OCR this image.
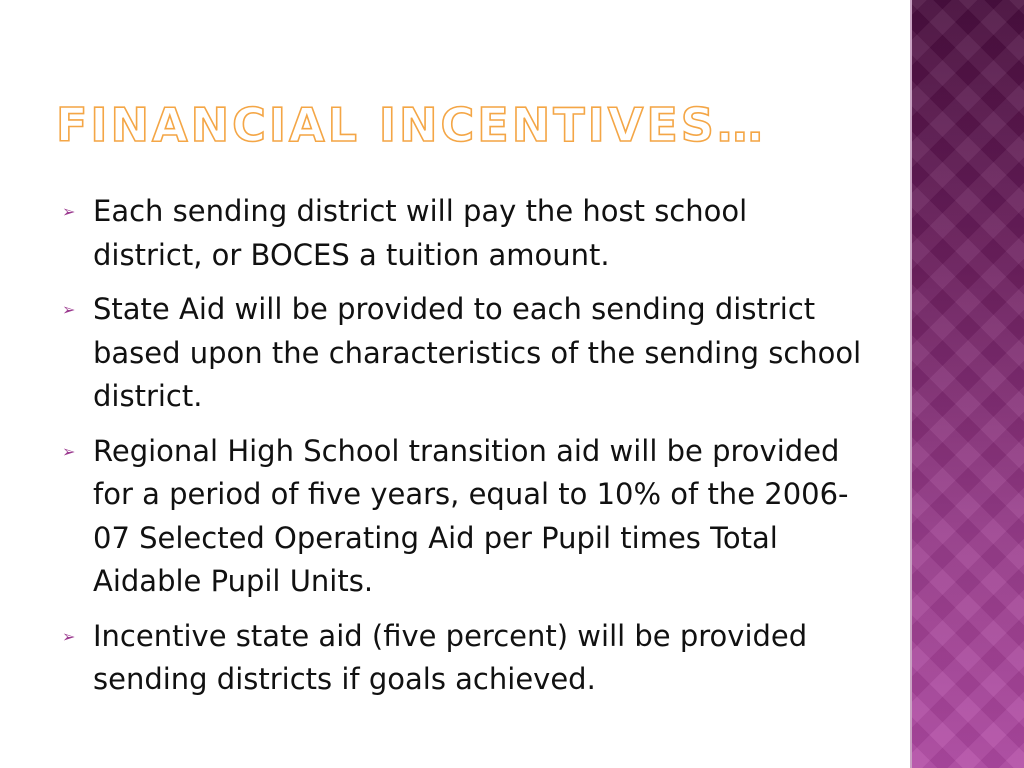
FINANCIAL INCENTIVES…
➢ Each sending district will pay the host school district, or BOCES a tuition amount.
➢ State Aid will be provided to each sending district based upon the characteristics of the sending school district.
➢ Regional High School transition aid will be provided for a period of five years, equal to 10% of the 2006-07 Selected Operating Aid per Pupil times Total Aidable Pupil Units.
➢ Incentive state aid (five percent) will be provided sending districts if goals achieved.
